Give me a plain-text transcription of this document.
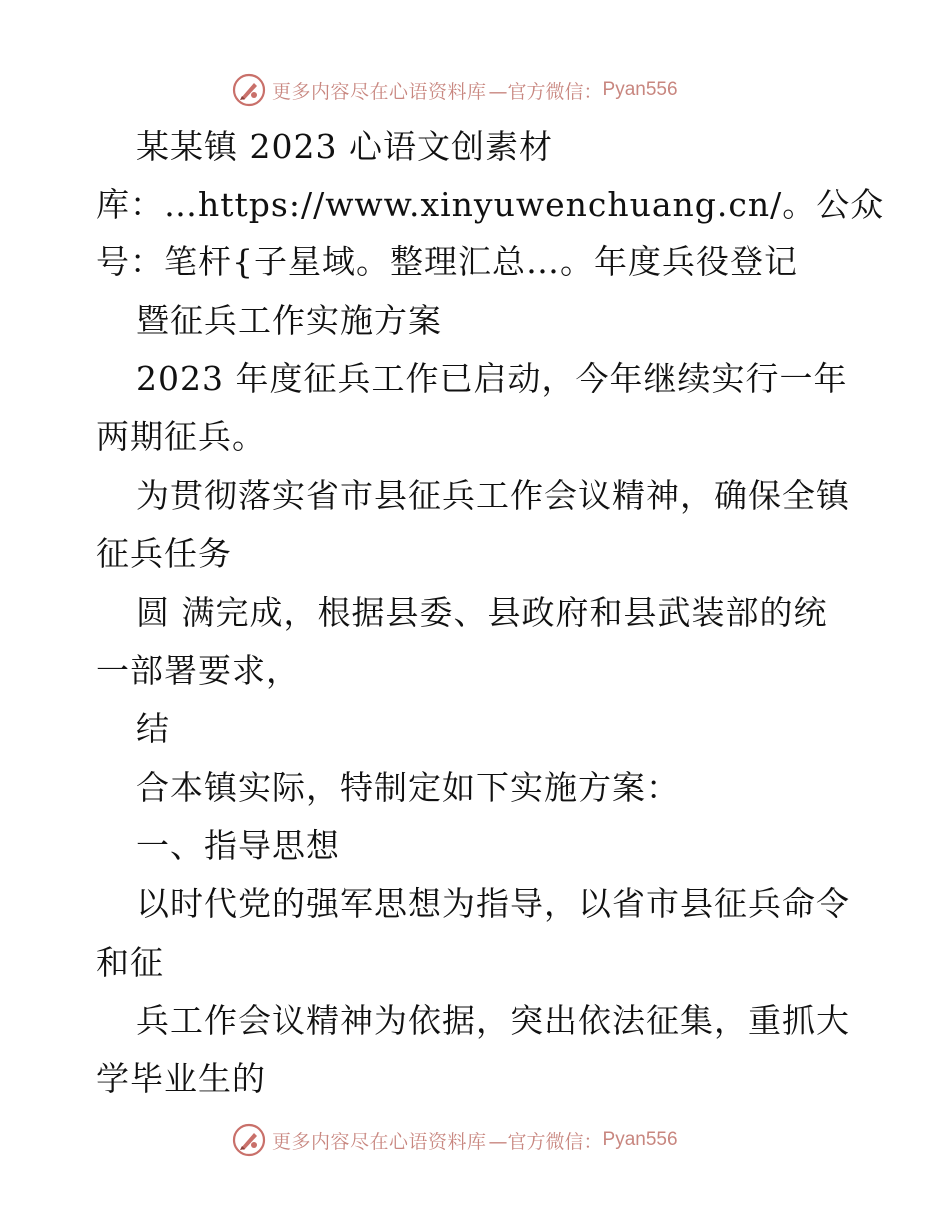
更多内容尽在心语资料库 —官方微信： Pyan556
某某镇 2023 心语文创素材
库：…https://www.xinyuwenchuang.cn/。公众
号：笔杆{子星域。整理汇总…。年度兵役登记
暨征兵工作实施方案
2023 年度征兵工作已启动，今年继续实行一年
两期征兵。
为贯彻落实省市县征兵工作会议精神，确保全镇
征兵任务
圆 满完成，根据县委、县政府和县武装部的统
一部署要求，
结
合本镇实际，特制定如下实施方案：
一、指导思想
以时代党的强军思想为指导，以省市县征兵命令
和征
兵工作会议精神为依据，突出依法征集，重抓大
学毕业生的
更多内容尽在心语资料库 —官方微信： Pyan556
